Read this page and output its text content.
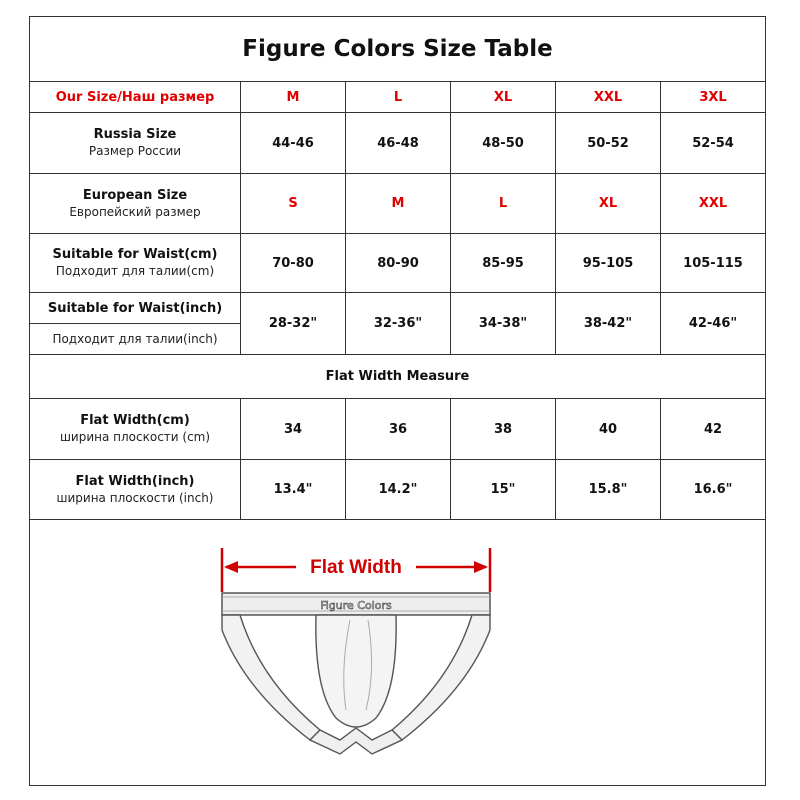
Figure Colors Size Table
Our Size/Наш размер	M	L	XL	XXL	3XL

Russia Size
Размер России	44-46	46-48	48-50	50-52	52-54

European Size
Европейский размер	S	M	L	XL	XXL

Suitable for Waist(cm)
Подходит для талии(cm)	70-80	80-90	85-95	95-105	105-115

Suitable for Waist(inch)
Подходит для талии(inch)	28-32"	32-36"	34-38"	38-42"	42-46"
Flat Width Measure					

Flat Width(cm)
ширина плоскости (cm)	34	36	38	40	42

Flat Width(inch)
ширина плоскости (inch)	13.4"	14.2"	15"	15.8"	16.6"
Flat Width
Figure Colors
